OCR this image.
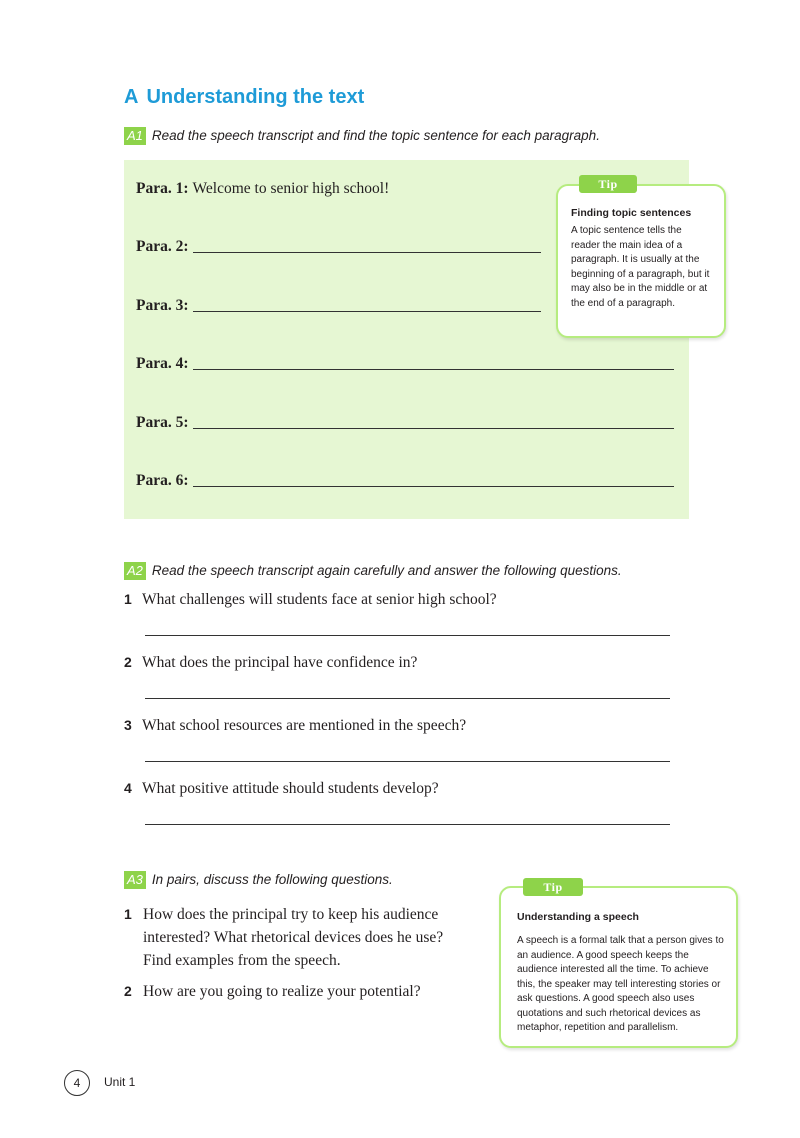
A Understanding the text
A1 Read the speech transcript and find the topic sentence for each paragraph.
Para. 1: Welcome to senior high school!
Para. 2:
Para. 3:
Para. 4:
Para. 5:
Para. 6:
Tip
Finding topic sentences
A topic sentence tells the reader the main idea of a paragraph. It is usually at the beginning of a paragraph, but it may also be in the middle or at the end of a paragraph.
A2 Read the speech transcript again carefully and answer the following questions.
1 What challenges will students face at senior high school?
2 What does the principal have confidence in?
3 What school resources are mentioned in the speech?
4 What positive attitude should students develop?
A3 In pairs, discuss the following questions.
1 How does the principal try to keep his audience interested? What rhetorical devices does he use? Find examples from the speech.
2 How are you going to realize your potential?
Tip
Understanding a speech
A speech is a formal talk that a person gives to an audience. A good speech keeps the audience interested all the time. To achieve this, the speaker may tell interesting stories or ask questions. A good speech also uses quotations and such rhetorical devices as metaphor, repetition and parallelism.
4	Unit 1
